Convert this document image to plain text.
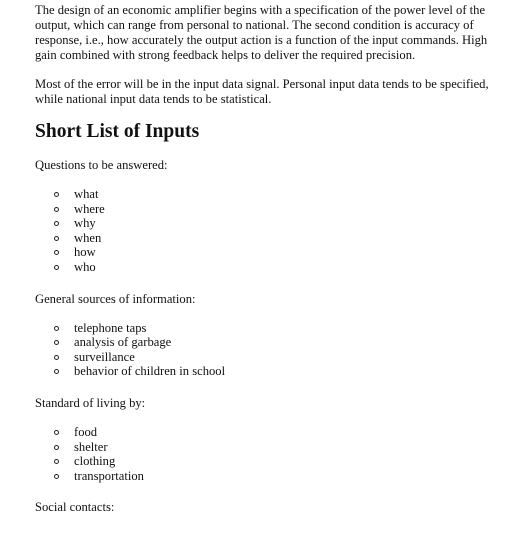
The design of an economic amplifier begins with a specification of the power level of the output, which can range from personal to national. The second condition is accuracy of response, i.e., how accurately the output action is a function of the input commands. High gain combined with strong feedback helps to deliver the required precision.

Most of the error will be in the input data signal. Personal input data tends to be specified, while national input data tends to be statistical.

Short List of Inputs

Questions to be answered:

what
where
why
when
how
who

General sources of information:

telephone taps
analysis of garbage
surveillance
behavior of children in school

Standard of living by:

food
shelter
clothing
transportation

Social contacts:
